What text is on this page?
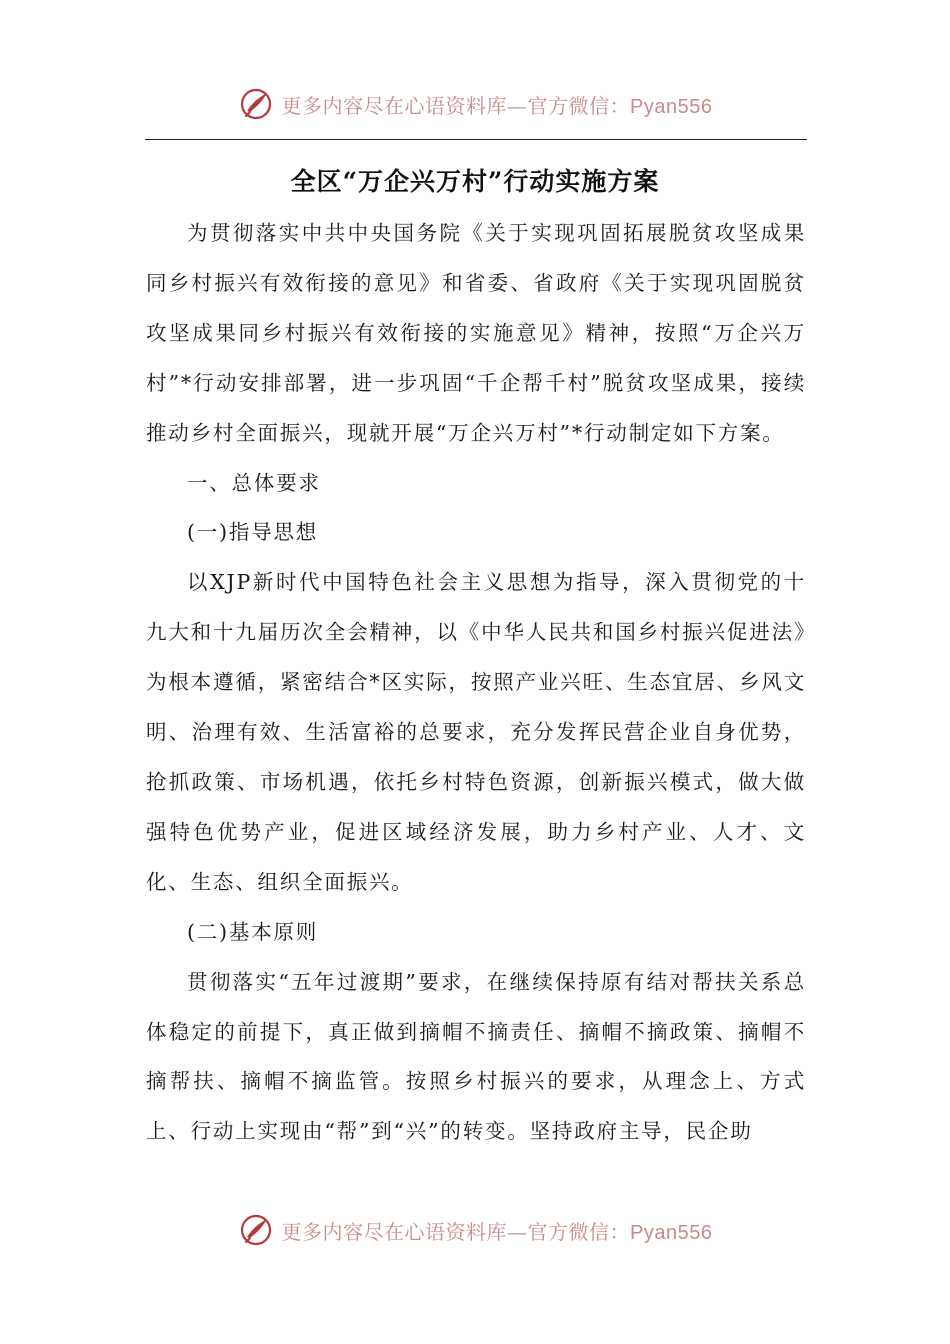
更多内容尽在心语资料库—官方微信：Pyan556
全区“万企兴万村”行动实施方案

为贯彻落实中共中央国务院《关于实现巩固拓展脱贫攻坚成果同乡村振兴有效衔接的意见》和省委、省政府《关于实现巩固脱贫攻坚成果同乡村振兴有效衔接的实施意见》精神，按照“万企兴万村”*行动安排部署，进一步巩固“千企帮千村”脱贫攻坚成果，接续推动乡村全面振兴，现就开展“万企兴万村”*行动制定如下方案。

一、总体要求

(一)指导思想

以XJP新时代中国特色社会主义思想为指导，深入贯彻党的十九大和十九届历次全会精神，以《中华人民共和国乡村振兴促进法》为根本遵循，紧密结合*区实际，按照产业兴旺、生态宜居、乡风文明、治理有效、生活富裕的总要求，充分发挥民营企业自身优势，抢抓政策、市场机遇，依托乡村特色资源，创新振兴模式，做大做强特色优势产业，促进区域经济发展，助力乡村产业、人才、文化、生态、组织全面振兴。

(二)基本原则

贯彻落实“五年过渡期”要求，在继续保持原有结对帮扶关系总体稳定的前提下，真正做到摘帽不摘责任、摘帽不摘政策、摘帽不摘帮扶、摘帽不摘监管。按照乡村振兴的要求，从理念上、方式上、行动上实现由“帮”到“兴”的转变。坚持政府主导，民企助

更多内容尽在心语资料库—官方微信：Pyan556
